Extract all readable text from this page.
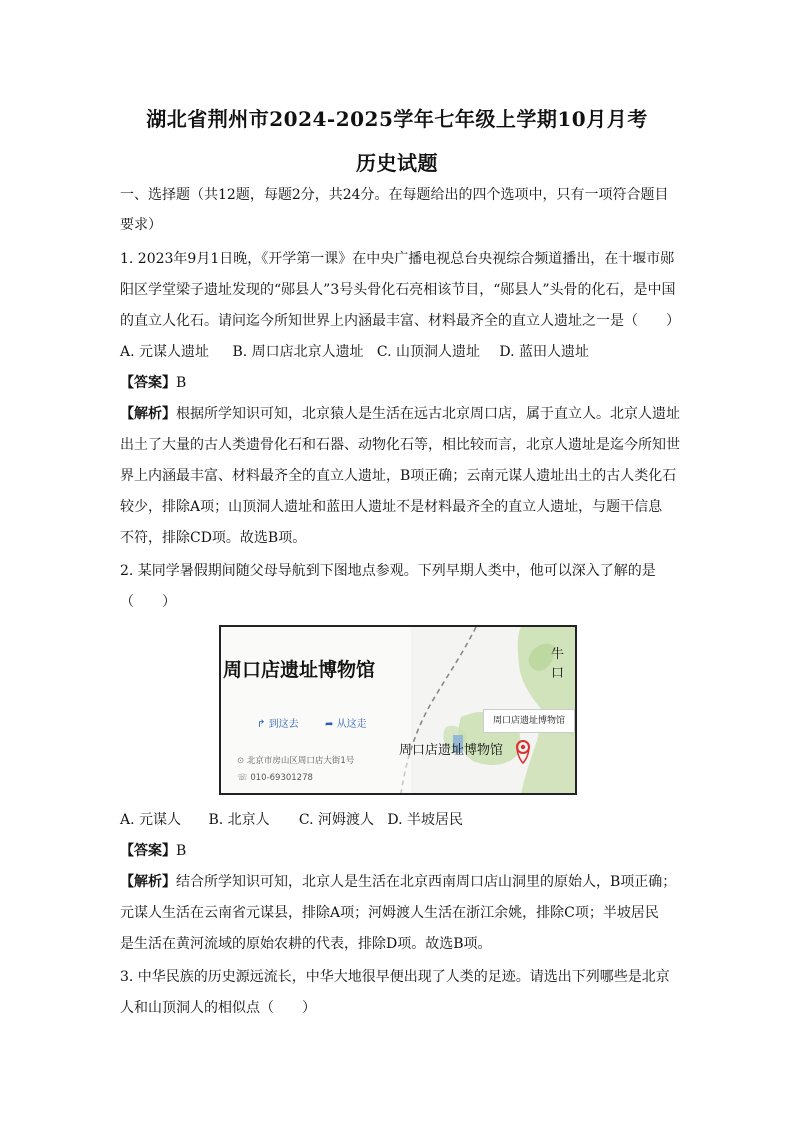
湖北省荆州市2024-2025学年七年级上学期10月月考
历史试题
一、选择题（共12题，每题2分，共24分。在每题给出的四个选项中，只有一项符合题目
要求）
1. 2023年9月1日晚，《开学第一课》在中央广播电视总台央视综合频道播出，在十堰市郧
阳区学堂梁子遗址发现的“郧县人”3号头骨化石亮相该节目，“郧县人”头骨的化石，是中国
的直立人化石。请问迄今所知世界上内涵最丰富、材料最齐全的直立人遗址之一是（　　）
A. 元谋人遗址 B. 周口店北京人遗址 C. 山顶洞人遗址 D. 蓝田人遗址
【答案】B
【解析】根据所学知识可知，北京猿人是生活在远古北京周口店，属于直立人。北京人遗址
出土了大量的古人类遗骨化石和石器、动物化石等，相比较而言，北京人遗址是迄今所知世
界上内涵最丰富、材料最齐全的直立人遗址，B项正确；云南元谋人遗址出土的古人类化石
较少，排除A项；山顶洞人遗址和蓝田人遗址不是材料最齐全的直立人遗址，与题干信息
不符，排除CD项。故选B项。
2. 某同学暑假期间随父母导航到下图地点参观。下列早期人类中，他可以深入了解的是
（　　）
周口店遗址博物馆
↱ 到这去	➦ 从这走
⊙ 北京市房山区周口店大街1号
☏ 010-69301278
牛口
周口店遗址博物馆
周口店遗址博物馆
A. 元谋人 B. 北京人 C. 河姆渡人 D. 半坡居民
【答案】B
【解析】结合所学知识可知，北京人是生活在北京西南周口店山洞里的原始人，B项正确；
元谋人生活在云南省元谋县，排除A项；河姆渡人生活在浙江余姚，排除C项；半坡居民
是生活在黄河流域的原始农耕的代表，排除D项。故选B项。
3. 中华民族的历史源远流长，中华大地很早便出现了人类的足迹。请选出下列哪些是北京
人和山顶洞人的相似点（　　）
